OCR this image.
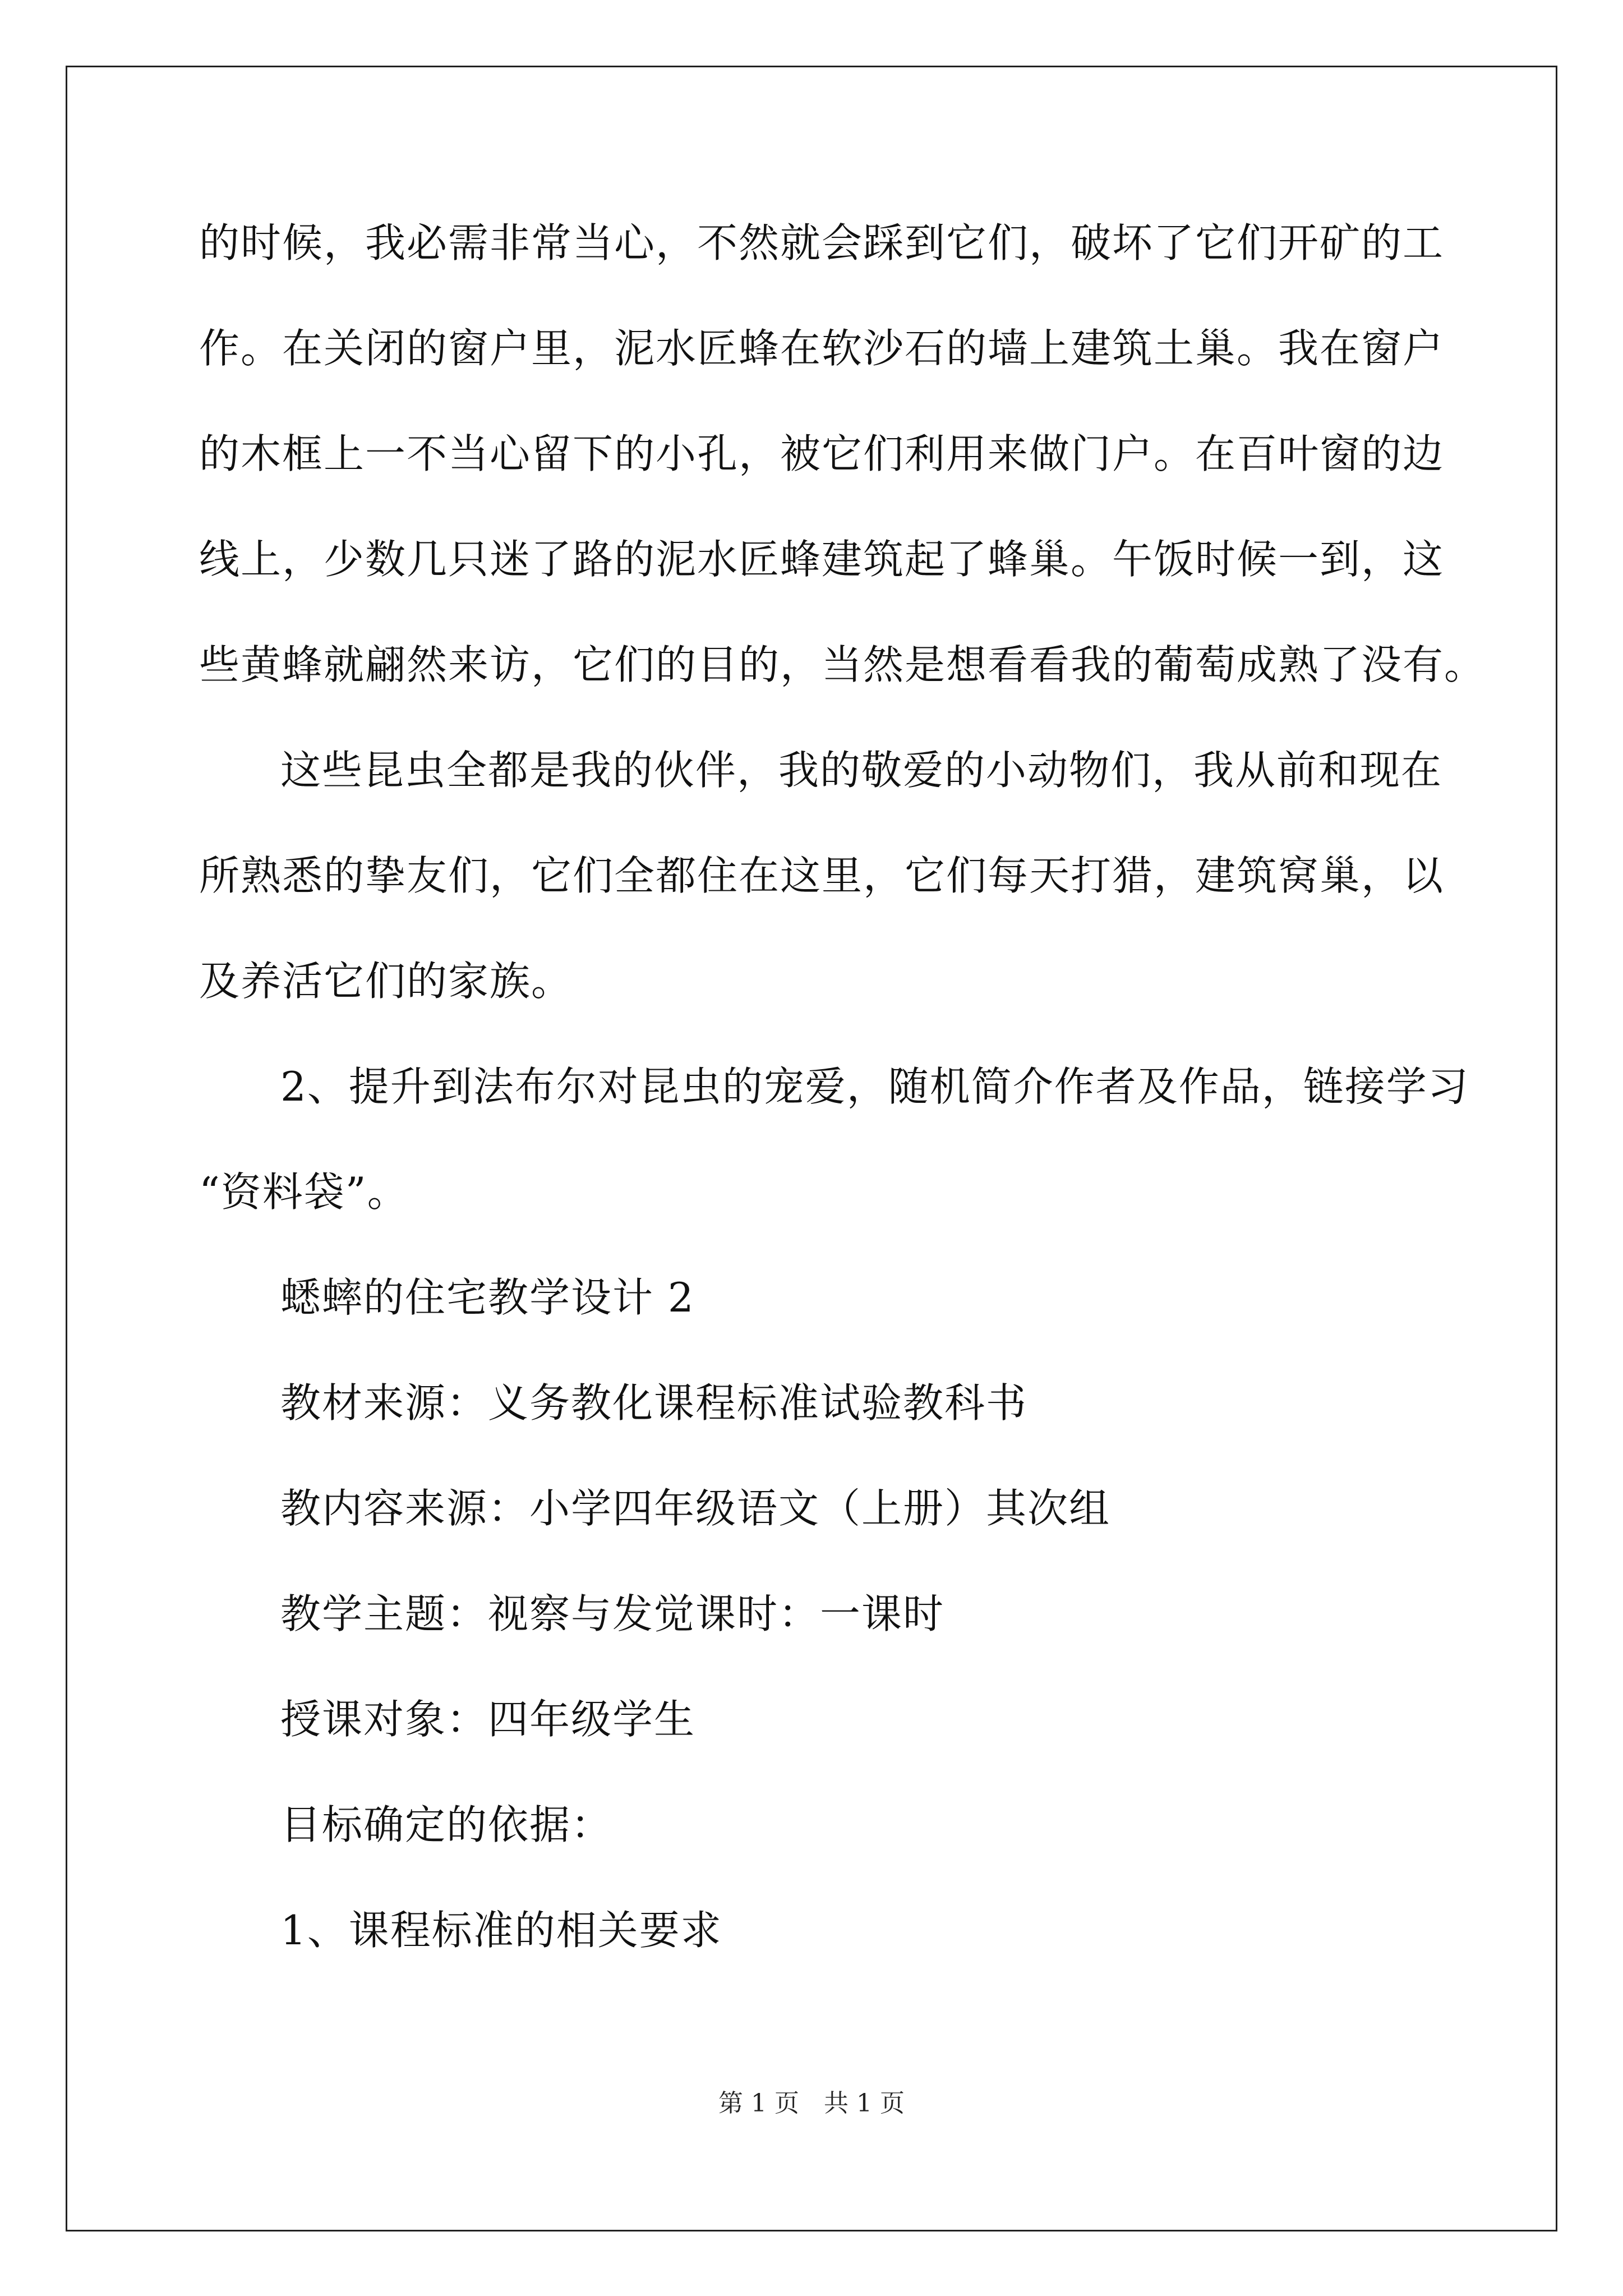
的时候，我必需非常当心，不然就会踩到它们，破坏了它们开矿的工
作。在关闭的窗户里，泥水匠蜂在软沙石的墙上建筑土巢。我在窗户
的木框上一不当心留下的小孔，被它们利用来做门户。在百叶窗的边
线上，少数几只迷了路的泥水匠蜂建筑起了蜂巢。午饭时候一到，这
些黄蜂就翩然来访，它们的目的，当然是想看看我的葡萄成熟了没有。
这些昆虫全都是我的伙伴，我的敬爱的小动物们，我从前和现在
所熟悉的挚友们，它们全都住在这里，它们每天打猎，建筑窝巢，以
及养活它们的家族。
2、提升到法布尔对昆虫的宠爱，随机简介作者及作品，链接学习
“资料袋”。
蟋蟀的住宅教学设计 2
教材来源：义务教化课程标准试验教科书
教内容来源：小学四年级语文（上册）其次组
教学主题：视察与发觉课时：一课时
授课对象：四年级学生
目标确定的依据：
1、课程标准的相关要求
第 1 页　共 1 页
